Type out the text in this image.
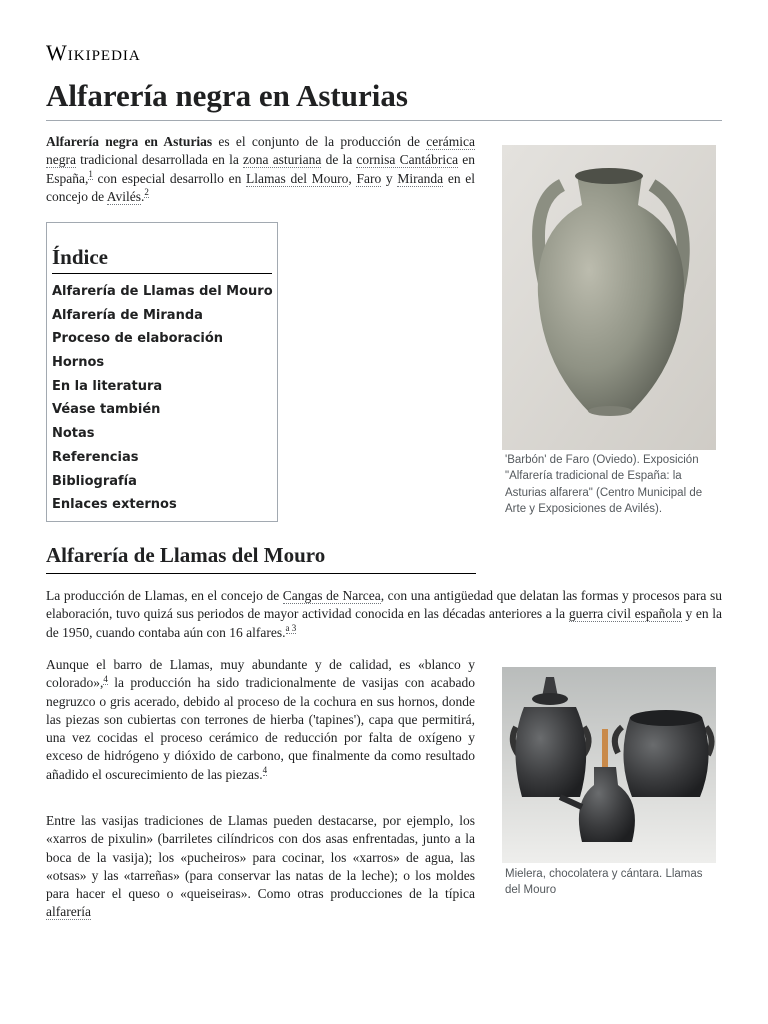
Wikipedia
Alfarería negra en Asturias
Alfarería negra en Asturias es el conjunto de la producción de cerámica negra tradicional desarrollada en la zona asturiana de la cornisa Cantábrica en España,$^1$ con especial desarrollo en Llamas del Mouro, Faro y Miranda en el concejo de Avilés.$^2$
Índice
Alfarería de Llamas del Mouro
Alfarería de Miranda
Proceso de elaboración
Hornos
En la literatura
Véase también
Notas
Referencias
Bibliografía
Enlaces externos
'Barbón' de Faro (Oviedo). Exposición "Alfarería tradicional de España: la Asturias alfarera" (Centro Municipal de Arte y Exposiciones de Avilés).
Alfarería de Llamas del Mouro
La producción de Llamas, en el concejo de Cangas de Narcea, con una antigüedad que delatan las formas y procesos para su elaboración, tuvo quizá sus periodos de mayor actividad conocida en las décadas anteriores a la guerra civil española y en la de 1950, cuando contaba aún con 16 alfares.$^{a 3}$
Aunque el barro de Llamas, muy abundante y de calidad, es «blanco y colorado»,$^4$ la producción ha sido tradicionalmente de vasijas con acabado negruzco o gris acerado, debido al proceso de la cochura en sus hornos, donde las piezas son cubiertas con terrones de hierba ('tapines'), capa que permitirá, una vez cocidas el proceso cerámico de reducción por falta de oxígeno y exceso de hidrógeno y dióxido de carbono, que finalmente da como resultado añadido el oscurecimiento de las piezas.$^4$
Entre las vasijas tradiciones de Llamas pueden destacarse, por ejemplo, los «xarros de pixulin» (barriletes cilíndricos con dos asas enfrentadas, junto a la boca de la vasija); los «pucheiros» para cocinar, los «xarros» de agua, las «otsas» y las «tarreñas» (para conservar las natas de la leche); o los moldes para hacer el queso o «queiseiras». Como otras producciones de la típica alfarería
Mielera, chocolatera y cántara. Llamas del Mouro
